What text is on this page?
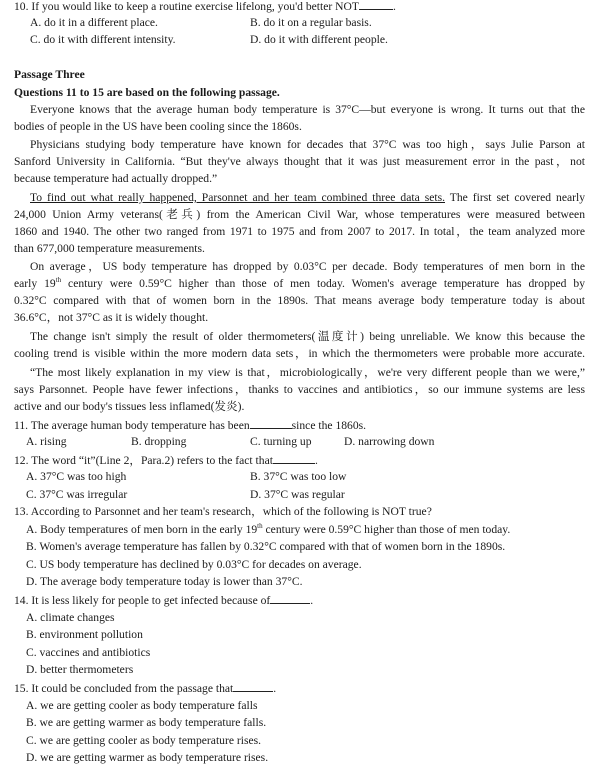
10. If you would like to keep a routine exercise lifelong, you'd better NOT	.
A. do it in a different place.	B. do it on a regular basis.
C. do it with different intensity.	D. do it with different people.
Passage Three
Questions 11 to 15 are based on the following passage.
Everyone knows that the average human body temperature is 37°C—but everyone is wrong. It turns out that the
bodies of people in the US have been cooling since the 1860s.
Physicians studying body temperature have known for decades that 37°C was too high，says Julie Parson at
Sanford University in California. “But they've always thought that it was just measurement error in the past，not
because temperature had actually dropped.”
To find out what really happened, Parsonnet and her team combined three data sets. The first set covered nearly
24,000 Union Army veterans(老兵) from the American Civil War, whose temperatures were measured between
1860 and 1940. The other two ranged from 1971 to 1975 and from 2007 to 2017. In total，the team analyzed more
than 677,000 temperature measurements.
On average，US body temperature has dropped by 0.03°C per decade. Body temperatures of men born in the
early 19th century were 0.59°C higher than those of men today. Women's average temperature has dropped by
0.32°C compared with that of women born in the 1890s. That means average body temperature today is about
36.6°C，not 37°C as it is widely thought.
The change isn't simply the result of older thermometers(温度计) being unreliable. We know this because the
cooling trend is visible within the more modern data sets，in which the thermometers were probable more accurate.
“The most likely explanation in my view is that，microbiologically，we're very different people than we were,”
says Parsonnet. People have fewer infections，thanks to vaccines and antibiotics，so our immune systems are less
active and our body's tissues less inflamed(发炎).
11. The average human body temperature has been	since the 1860s.
A. rising	B. dropping	C. turning up	D. narrowing down
12. The word “it”(Line 2，Para.2) refers to the fact that	.
A. 37°C was too high	B. 37°C was too low
C. 37°C was irregular	D. 37°C was regular
13. According to Parsonnet and her team's research，which of the following is NOT true?
A. Body temperatures of men born in the early 19th century were 0.59°C higher than those of men today.
B. Women's average temperature has fallen by 0.32°C compared with that of women born in the 1890s.
C. US body temperature has declined by 0.03°C for decades on average.
D. The average body temperature today is lower than 37°C.
14. It is less likely for people to get infected because of	.
A. climate changes
B. environment pollution
C. vaccines and antibiotics
D. better thermometers
15. It could be concluded from the passage that	.
A. we are getting cooler as body temperature falls
B. we are getting warmer as body temperature falls.
C. we are getting cooler as body temperature rises.
D. we are getting warmer as body temperature rises.
